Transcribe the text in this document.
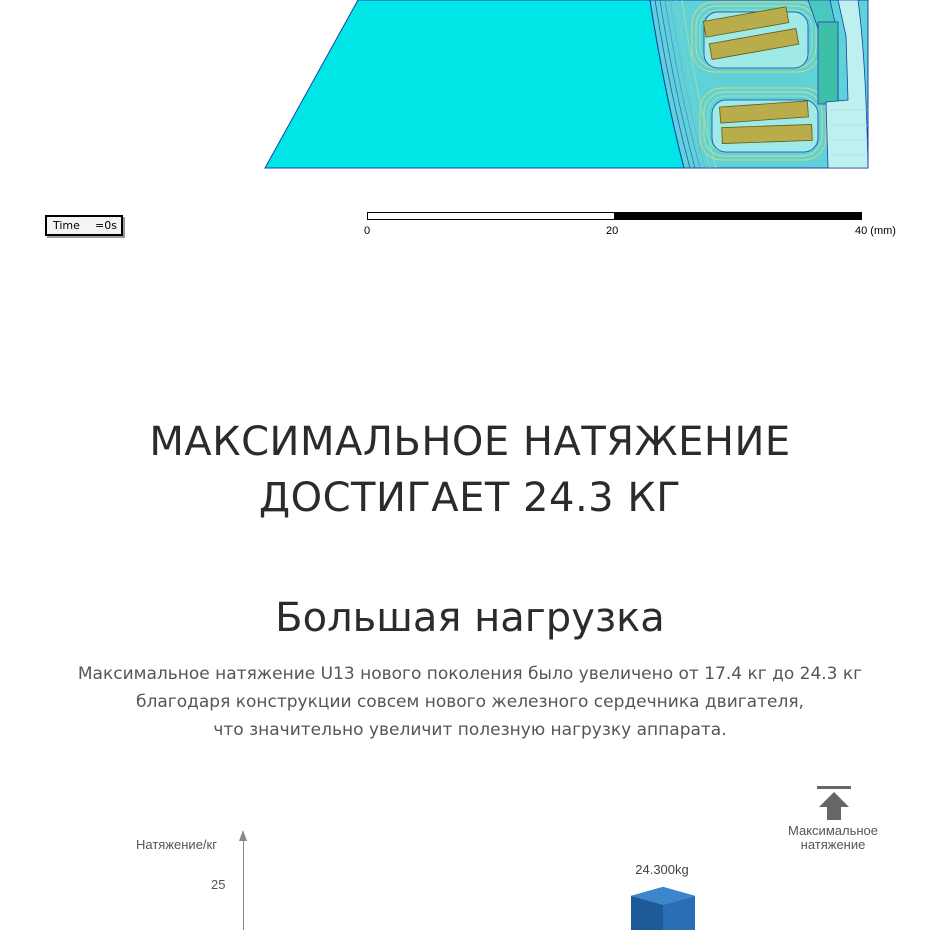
Time =0s	0	20	40 (mm)
МАКСИМАЛЬНОЕ НАТЯЖЕНИЕ
ДОСТИГАЕТ 24.3 КГ
Большая нагрузка

Максимальное натяжение U13 нового поколения было увеличено от 17.4 кг до 24.3 кг
благодаря конструкции совсем нового железного сердечника двигателя,
что значительно увеличит полезную нагрузку аппарата.

Натяжение/кг
25
24.300kg
Максимальное
натяжение
